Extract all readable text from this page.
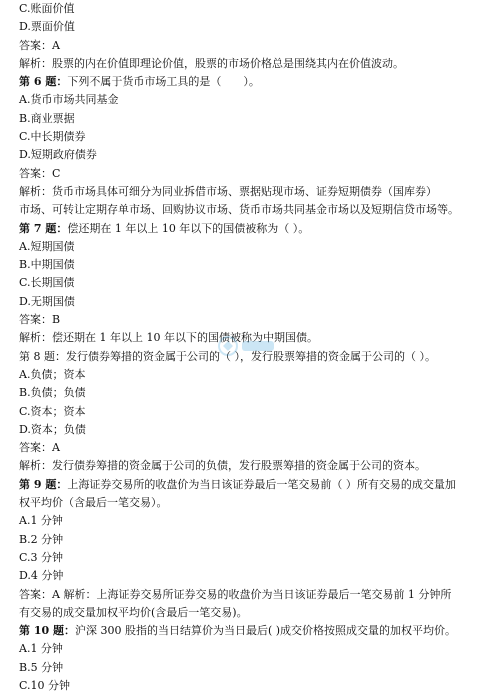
C.账面价值
D.票面价值
答案：A
解析：股票的内在价值即理论价值，股票的市场价格总是围绕其内在价值波动。
第 6 题：下列不属于货币市场工具的是（　　）。
A.货币市场共同基金
B.商业票据
C.中长期债券
D.短期政府债券
答案：C
解析：货币市场具体可细分为同业拆借市场、票据贴现市场、证券短期债券（国库券）
市场、可转让定期存单市场、回购协议市场、货币市场共同基金市场以及短期信贷市场等。
第 7 题：偿还期在 1 年以上 10 年以下的国债被称为（ ）。
A.短期国债
B.中期国债
C.长期国债
D.无期国债
答案：B
解析：偿还期在 1 年以上 10 年以下的国债被称为中期国债。
第 8 题：发行债券筹措的资金属于公司的（ ），发行股票筹措的资金属于公司的（ ）。
A.负债；资本
B.负债；负债
C.资本；资本
D.资本；负债
答案：A
解析：发行债券筹措的资金属于公司的负债，发行股票筹措的资金属于公司的资本。
第 9 题：上海证券交易所的收盘价为当日该证券最后一笔交易前（ ）所有交易的成交量加
权平均价（含最后一笔交易）。
A.1 分钟
B.2 分钟
C.3 分钟
D.4 分钟
答案：A 解析：上海证券交易所证券交易的收盘价为当日该证券最后一笔交易前 1 分钟所
有交易的成交量加权平均价(含最后一笔交易)。
第 10 题：沪深 300 股指的当日结算价为当日最后( )成交价格按照成交量的加权平均价。
A.1 分钟
B.5 分钟
C.10 分钟
